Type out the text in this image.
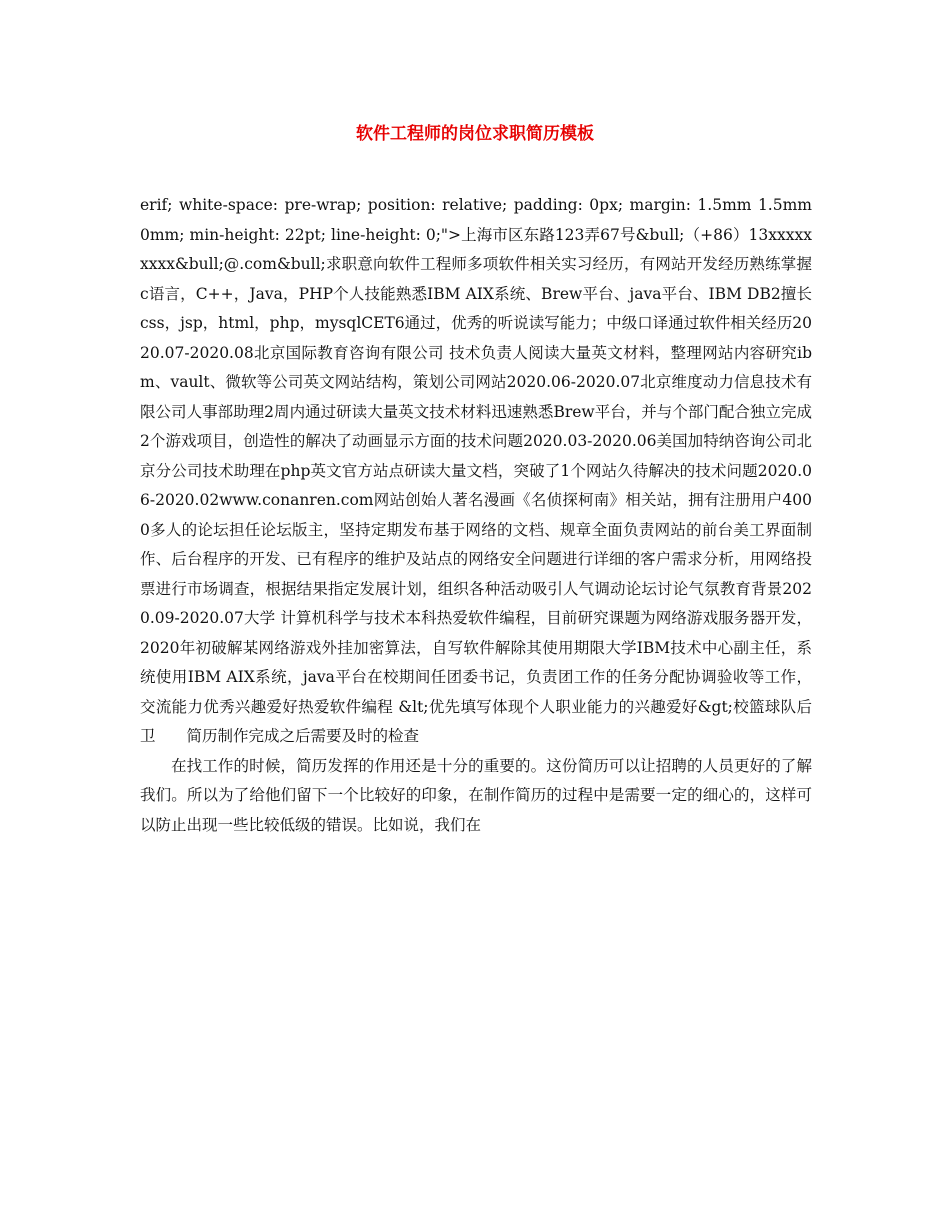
软件工程师的岗位求职简历模板

erif; white-space: pre-wrap; position: relative; padding: 0px; margin: 1.5mm 1.5mm 0mm; min-height: 22pt; line-height: 0;">上海市区东路123弄67号&bull;（+86）13xxxxxxxxx&bull;@.com&bull;求职意向软件工程师多项软件相关实习经历，有网站开发经历熟练掌握c语言，C++，Java，PHP个人技能熟悉IBM AIX系统、Brew平台、java平台、IBM DB2擅长css，jsp，html，php，mysqlCET6通过，优秀的听说读写能力；中级口译通过软件相关经历2020.07-2020.08北京国际教育咨询有限公司 技术负责人阅读大量英文材料，整理网站内容研究ibm、vault、微软等公司英文网站结构，策划公司网站2020.06-2020.07北京维度动力信息技术有限公司人事部助理2周内通过研读大量英文技术材料迅速熟悉Brew平台，并与个部门配合独立完成2个游戏项目，创造性的解决了动画显示方面的技术问题2020.03-2020.06美国加特纳咨询公司北京分公司技术助理在php英文官方站点研读大量文档，突破了1个网站久待解决的技术问题2020.06-2020.02www.conanren.com网站创始人著名漫画《名侦探柯南》相关站，拥有注册用户4000多人的论坛担任论坛版主，坚持定期发布基于网络的文档、规章全面负责网站的前台美工界面制作、后台程序的开发、已有程序的维护及站点的网络安全问题进行详细的客户需求分析，用网络投票进行市场调查，根据结果指定发展计划，组织各种活动吸引人气调动论坛讨论气氛教育背景2020.09-2020.07大学 计算机科学与技术本科热爱软件编程，目前研究课题为网络游戏服务器开发，2020年初破解某网络游戏外挂加密算法，自写软件解除其使用期限大学IBM技术中心副主任，系统使用IBM AIX系统，java平台在校期间任团委书记，负责团工作的任务分配协调验收等工作，交流能力优秀兴趣爱好热爱软件编程 &lt;优先填写体现个人职业能力的兴趣爱好&gt;校篮球队后卫　　简历制作完成之后需要及时的检查

在找工作的时候，简历发挥的作用还是十分的重要的。这份简历可以让招聘的人员更好的了解我们。所以为了给他们留下一个比较好的印象，在制作简历的过程中是需要一定的细心的，这样可以防止出现一些比较低级的错误。比如说，我们在
